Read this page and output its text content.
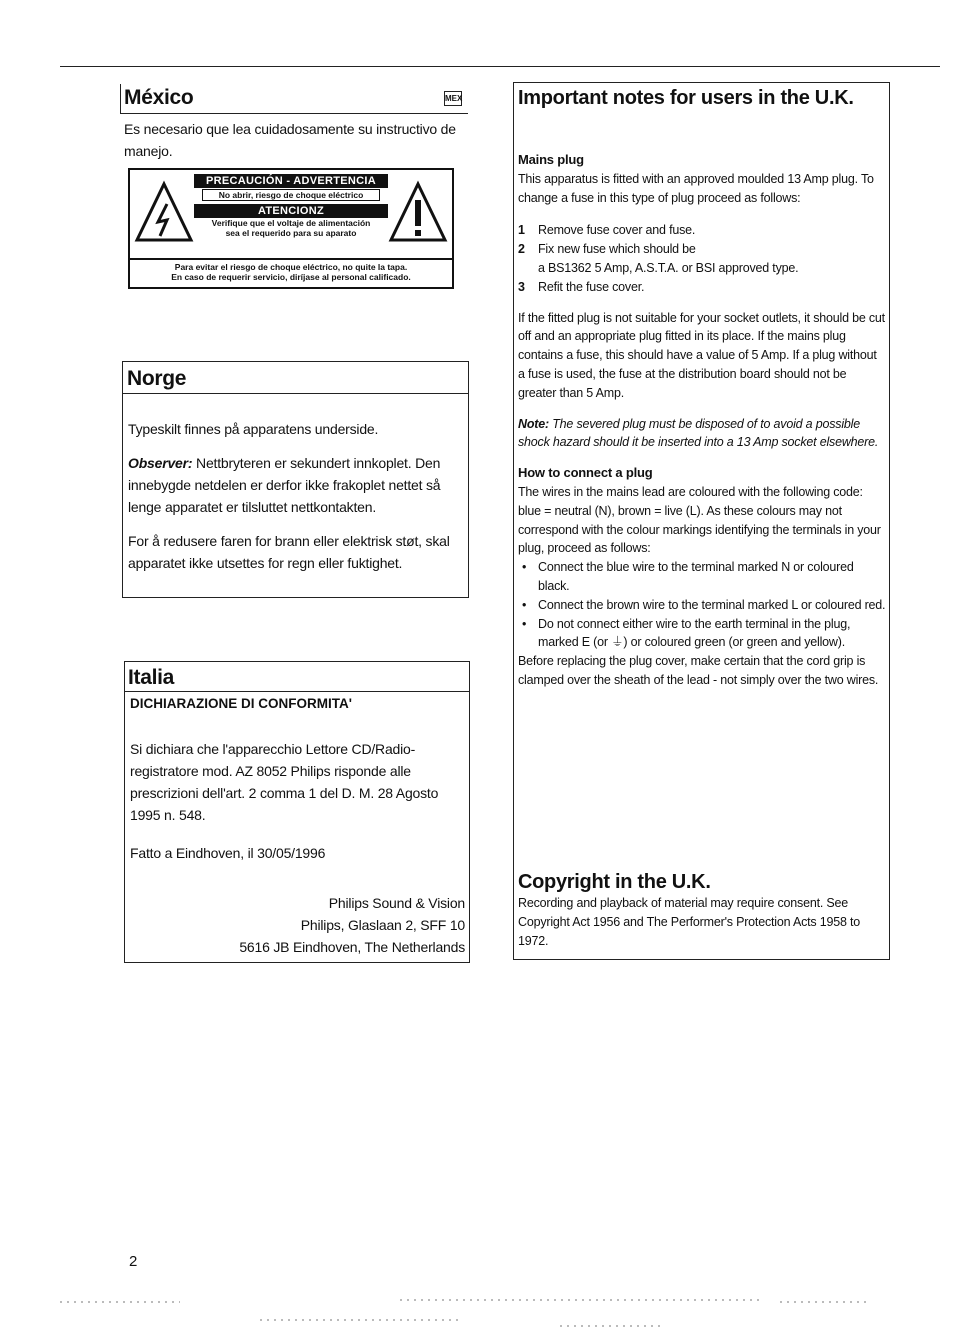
México	MEX

Es necesario que lea cuidadosamente su instructivo de manejo.

PRECAUCIÓN - ADVERTENCIA
No abrir, riesgo de choque eléctrico
ATENCIONZ
Verifique que el voltaje de alimentación
sea el requerido para su aparato
Para evitar el riesgo de choque eléctrico, no quite la tapa.
En caso de requerir servicio, diríjase al personal calificado.
Norge

Typeskilt finnes på apparatens underside.

Observer: Nettbryteren er sekundert innkoplet. Den innebygde netdelen er derfor ikke frakoplet nettet så lenge apparatet er tilsluttet nettkontakten.

For å redusere faren for brann eller elektrisk støt, skal apparatet ikke utsettes for regn eller fuktighet.

Italia
DICHIARAZIONE DI CONFORMITA'

Si dichiara che l'apparecchio Lettore CD/Radio-registratore mod. AZ 8052 Philips risponde alle prescrizioni dell'art. 2 comma 1 del D. M. 28 Agosto 1995 n. 548.

Fatto a Eindhoven, il 30/05/1996

Philips Sound & Vision
Philips, Glaslaan 2, SFF 10
5616 JB Eindhoven, The Netherlands
Important notes for users in the U.K.
Mains plug

This apparatus is fitted with an approved moulded 13 Amp plug. To change a fuse in this type of plug proceed as follows:

1 Remove fuse cover and fuse.
2 Fix new fuse which should be
a BS1362 5 Amp, A.S.T.A. or BSI approved type.
3 Refit the fuse cover.

If the fitted plug is not suitable for your socket outlets, it should be cut off and an appropriate plug fitted in its place. If the mains plug contains a fuse, this should have a value of 5 Amp. If a plug without a fuse is used, the fuse at the distribution board should not be greater than 5 Amp.

Note: The severed plug must be disposed of to avoid a possible shock hazard should it be inserted into a 13 Amp socket elsewhere.

How to connect a plug

The wires in the mains lead are coloured with the following code: blue = neutral (N), brown = live (L). As these colours may not correspond with the colour markings identifying the terminals in your plug, proceed as follows:

• Connect the blue wire to the terminal marked N or coloured black.
• Connect the brown wire to the terminal marked L or coloured red.
• Do not connect either wire to the earth terminal in the plug, marked E (or ⏚) or coloured green (or green and yellow).

Before replacing the plug cover, make certain that the cord grip is clamped over the sheath of the lead - not simply over the two wires.

Copyright in the U.K.

Recording and playback of material may require consent. See Copyright Act 1956 and The Performer's Protection Acts 1958 to 1972.

2
